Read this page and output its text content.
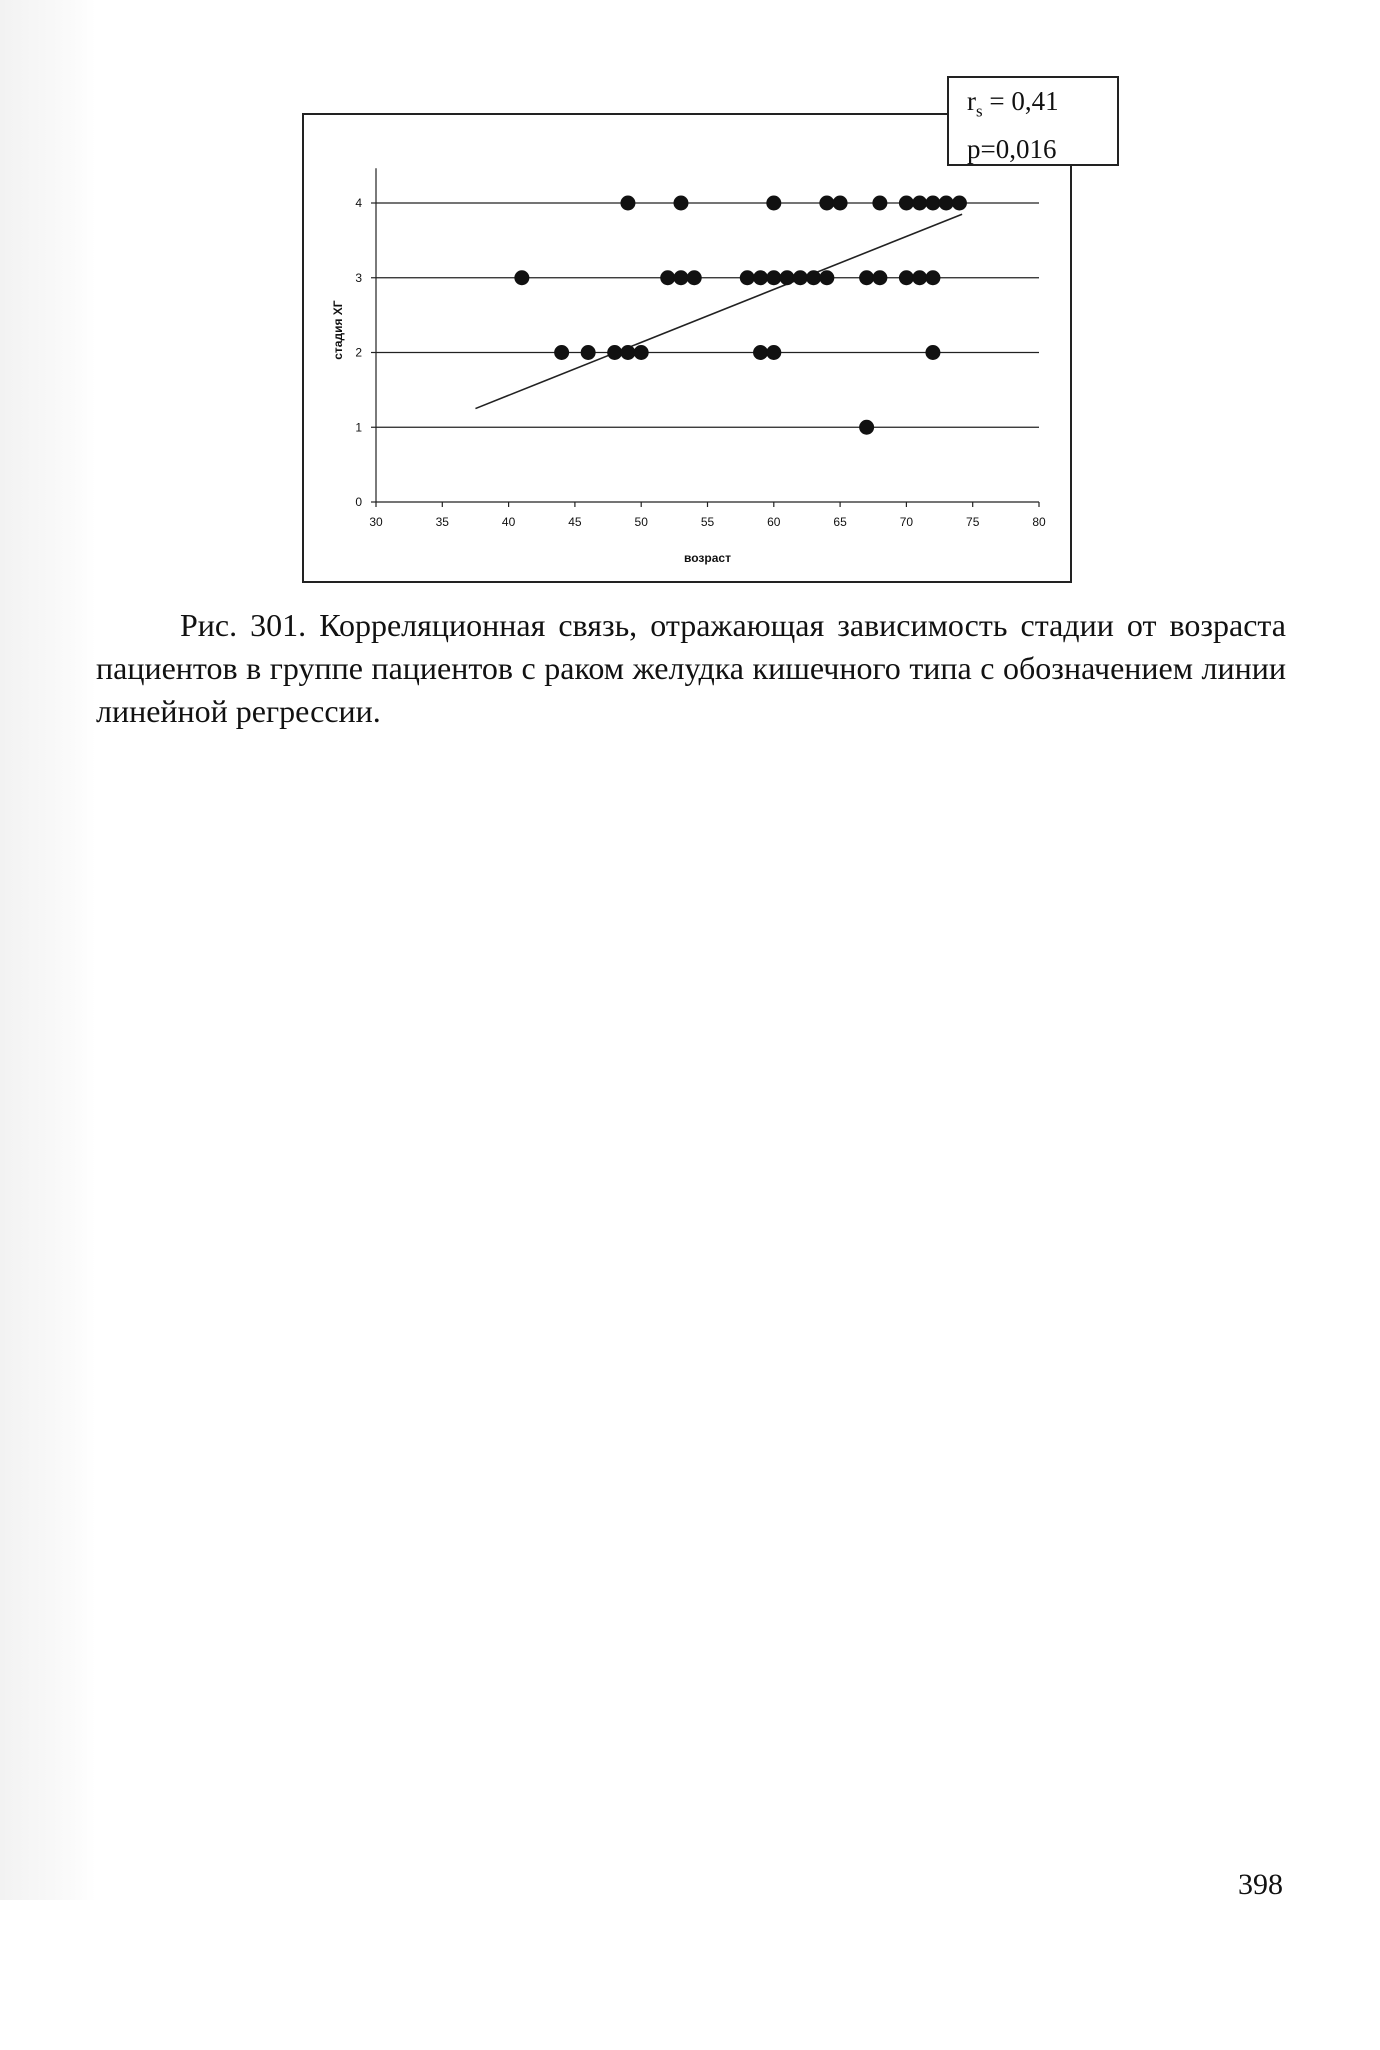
0
1
2
3
4
30	35	40	45	50	55	60	65	70	75	80
возраст
стадия ХГ
$r_s = 0,41$
p=0,016
Рис. 301. Корреляционная связь, отражающая зависимость стадии от возраста пациентов в группе пациентов с раком желудка кишечного типа с обозначением линии линейной регрессии.
398
